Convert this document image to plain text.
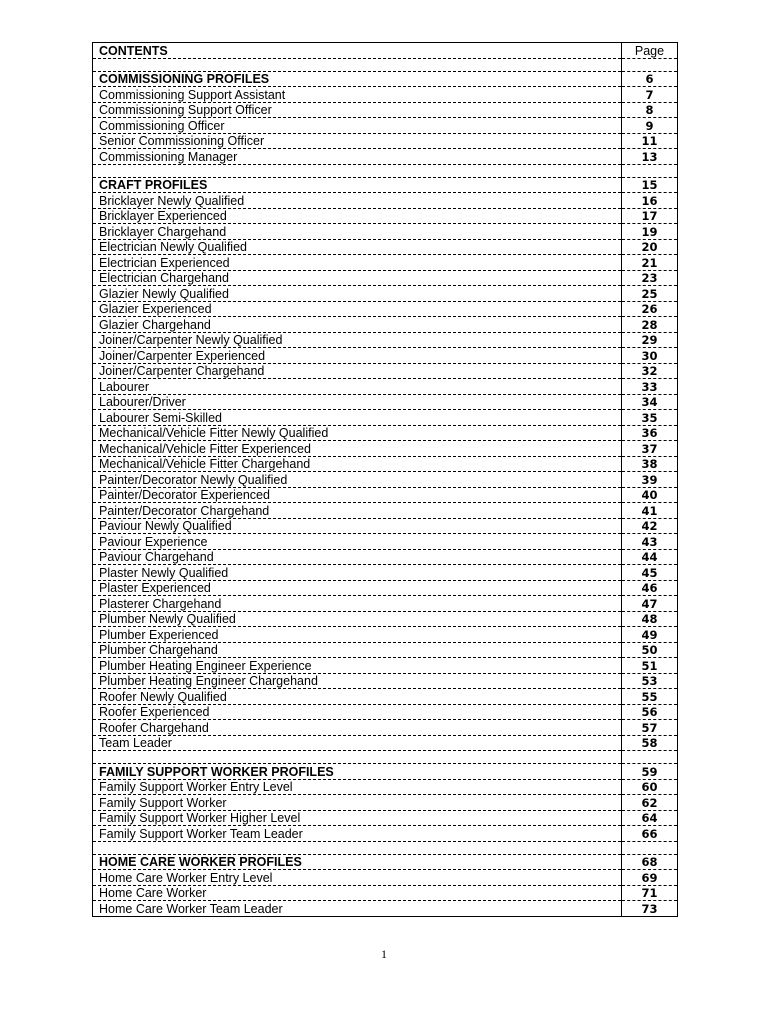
CONTENTS	Page

COMMISSIONING PROFILES	6
Commissioning Support Assistant	7
Commissioning Support Officer	8
Commissioning Officer	9
Senior Commissioning Officer	11
Commissioning Manager	13

CRAFT PROFILES	15
Bricklayer Newly Qualified	16
Bricklayer Experienced	17
Bricklayer Chargehand	19
Electrician Newly Qualified	20
Electrician Experienced	21
Electrician Chargehand	23
Glazier Newly Qualified	25
Glazier Experienced	26
Glazier Chargehand	28
Joiner/Carpenter Newly Qualified	29
Joiner/Carpenter Experienced	30
Joiner/Carpenter Chargehand	32
Labourer	33
Labourer/Driver	34
Labourer Semi-Skilled	35
Mechanical/Vehicle Fitter Newly Qualified	36
Mechanical/Vehicle Fitter Experienced	37
Mechanical/Vehicle Fitter Chargehand	38
Painter/Decorator Newly Qualified	39
Painter/Decorator Experienced	40
Painter/Decorator Chargehand	41
Paviour Newly Qualified	42
Paviour Experience	43
Paviour Chargehand	44
Plaster Newly Qualified	45
Plaster Experienced	46
Plasterer Chargehand	47
Plumber Newly Qualified	48
Plumber Experienced	49
Plumber Chargehand	50
Plumber Heating Engineer Experience	51
Plumber Heating Engineer Chargehand	53
Roofer Newly Qualified	55
Roofer Experienced	56
Roofer Chargehand	57
Team Leader	58

FAMILY SUPPORT WORKER PROFILES	59
Family Support Worker Entry Level	60
Family Support Worker	62
Family Support Worker Higher Level	64
Family Support Worker Team Leader	66

HOME CARE WORKER PROFILES	68
Home Care Worker Entry Level	69
Home Care Worker	71
Home Care Worker Team Leader	73
1
